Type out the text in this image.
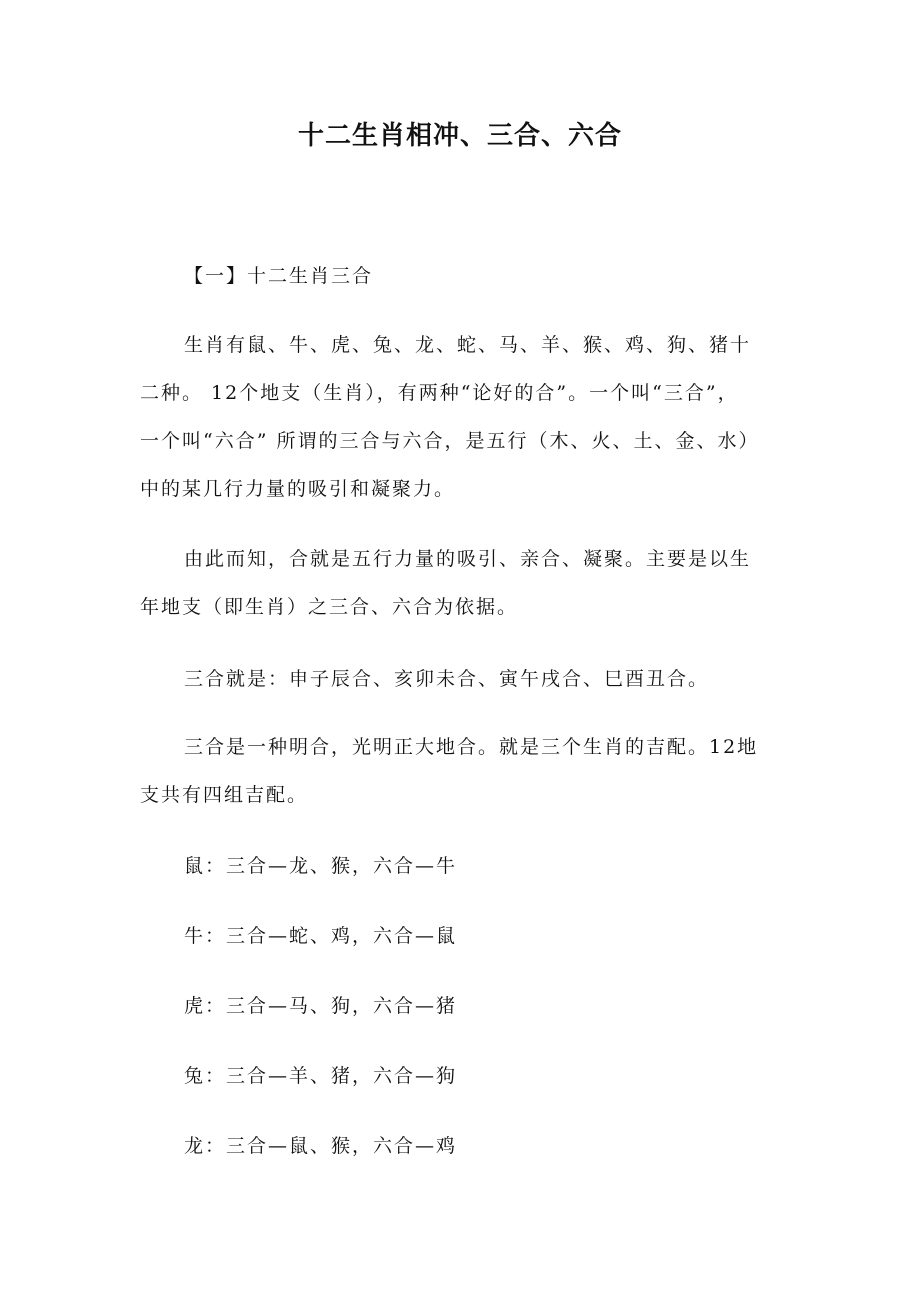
十二生肖相冲、三合、六合
【一】十二生肖三合
生肖有鼠、牛、虎、兔、龙、蛇、马、羊、猴、鸡、狗、猪十
二种。 12个地支（生肖），有两种“论好的合”。一个叫“三合”，
一个叫“六合” 所谓的三合与六合，是五行（木、火、土、金、水）
中的某几行力量的吸引和凝聚力。
由此而知，合就是五行力量的吸引、亲合、凝聚。主要是以生
年地支（即生肖）之三合、六合为依据。
三合就是：申子辰合、亥卯未合、寅午戌合、巳酉丑合。
三合是一种明合，光明正大地合。就是三个生肖的吉配。12地
支共有四组吉配。
鼠：三合—龙、猴，六合—牛
牛：三合—蛇、鸡，六合—鼠
虎：三合—马、狗，六合—猪
兔：三合—羊、猪，六合—狗
龙：三合—鼠、猴，六合—鸡
